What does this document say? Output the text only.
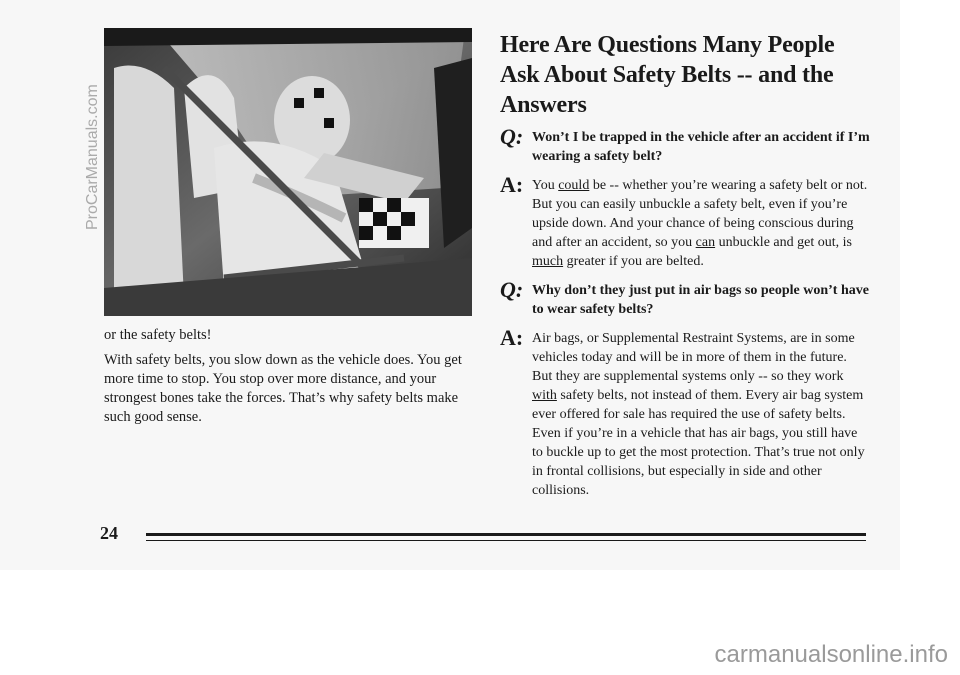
or the safety belts!

With safety belts, you slow down as the vehicle does. You get more time to stop. You stop over more distance, and your strongest bones take the forces. That’s why safety belts make such good sense.

Here Are Questions Many People Ask About Safety Belts -- and the Answers
Q: Won’t I be trapped in the vehicle after an accident if I’m wearing a safety belt?
A: You could be -- whether you’re wearing a safety belt or not. But you can easily unbuckle a safety belt, even if you’re upside down. And your chance of being conscious during and after an accident, so you can unbuckle and get out, is much greater if you are belted.
Q: Why don’t they just put in air bags so people won’t have to wear safety belts?
A: Air bags, or Supplemental Restraint Systems, are in some vehicles today and will be in more of them in the future. But they are supplemental systems only -- so they work with safety belts, not instead of them. Every air bag system ever offered for sale has required the use of safety belts. Even if you’re in a vehicle that has air bags, you still have to buckle up to get the most protection. That’s true not only in frontal collisions, but especially in side and other collisions.
24
ProCarManuals.com
carmanualsonline.info
